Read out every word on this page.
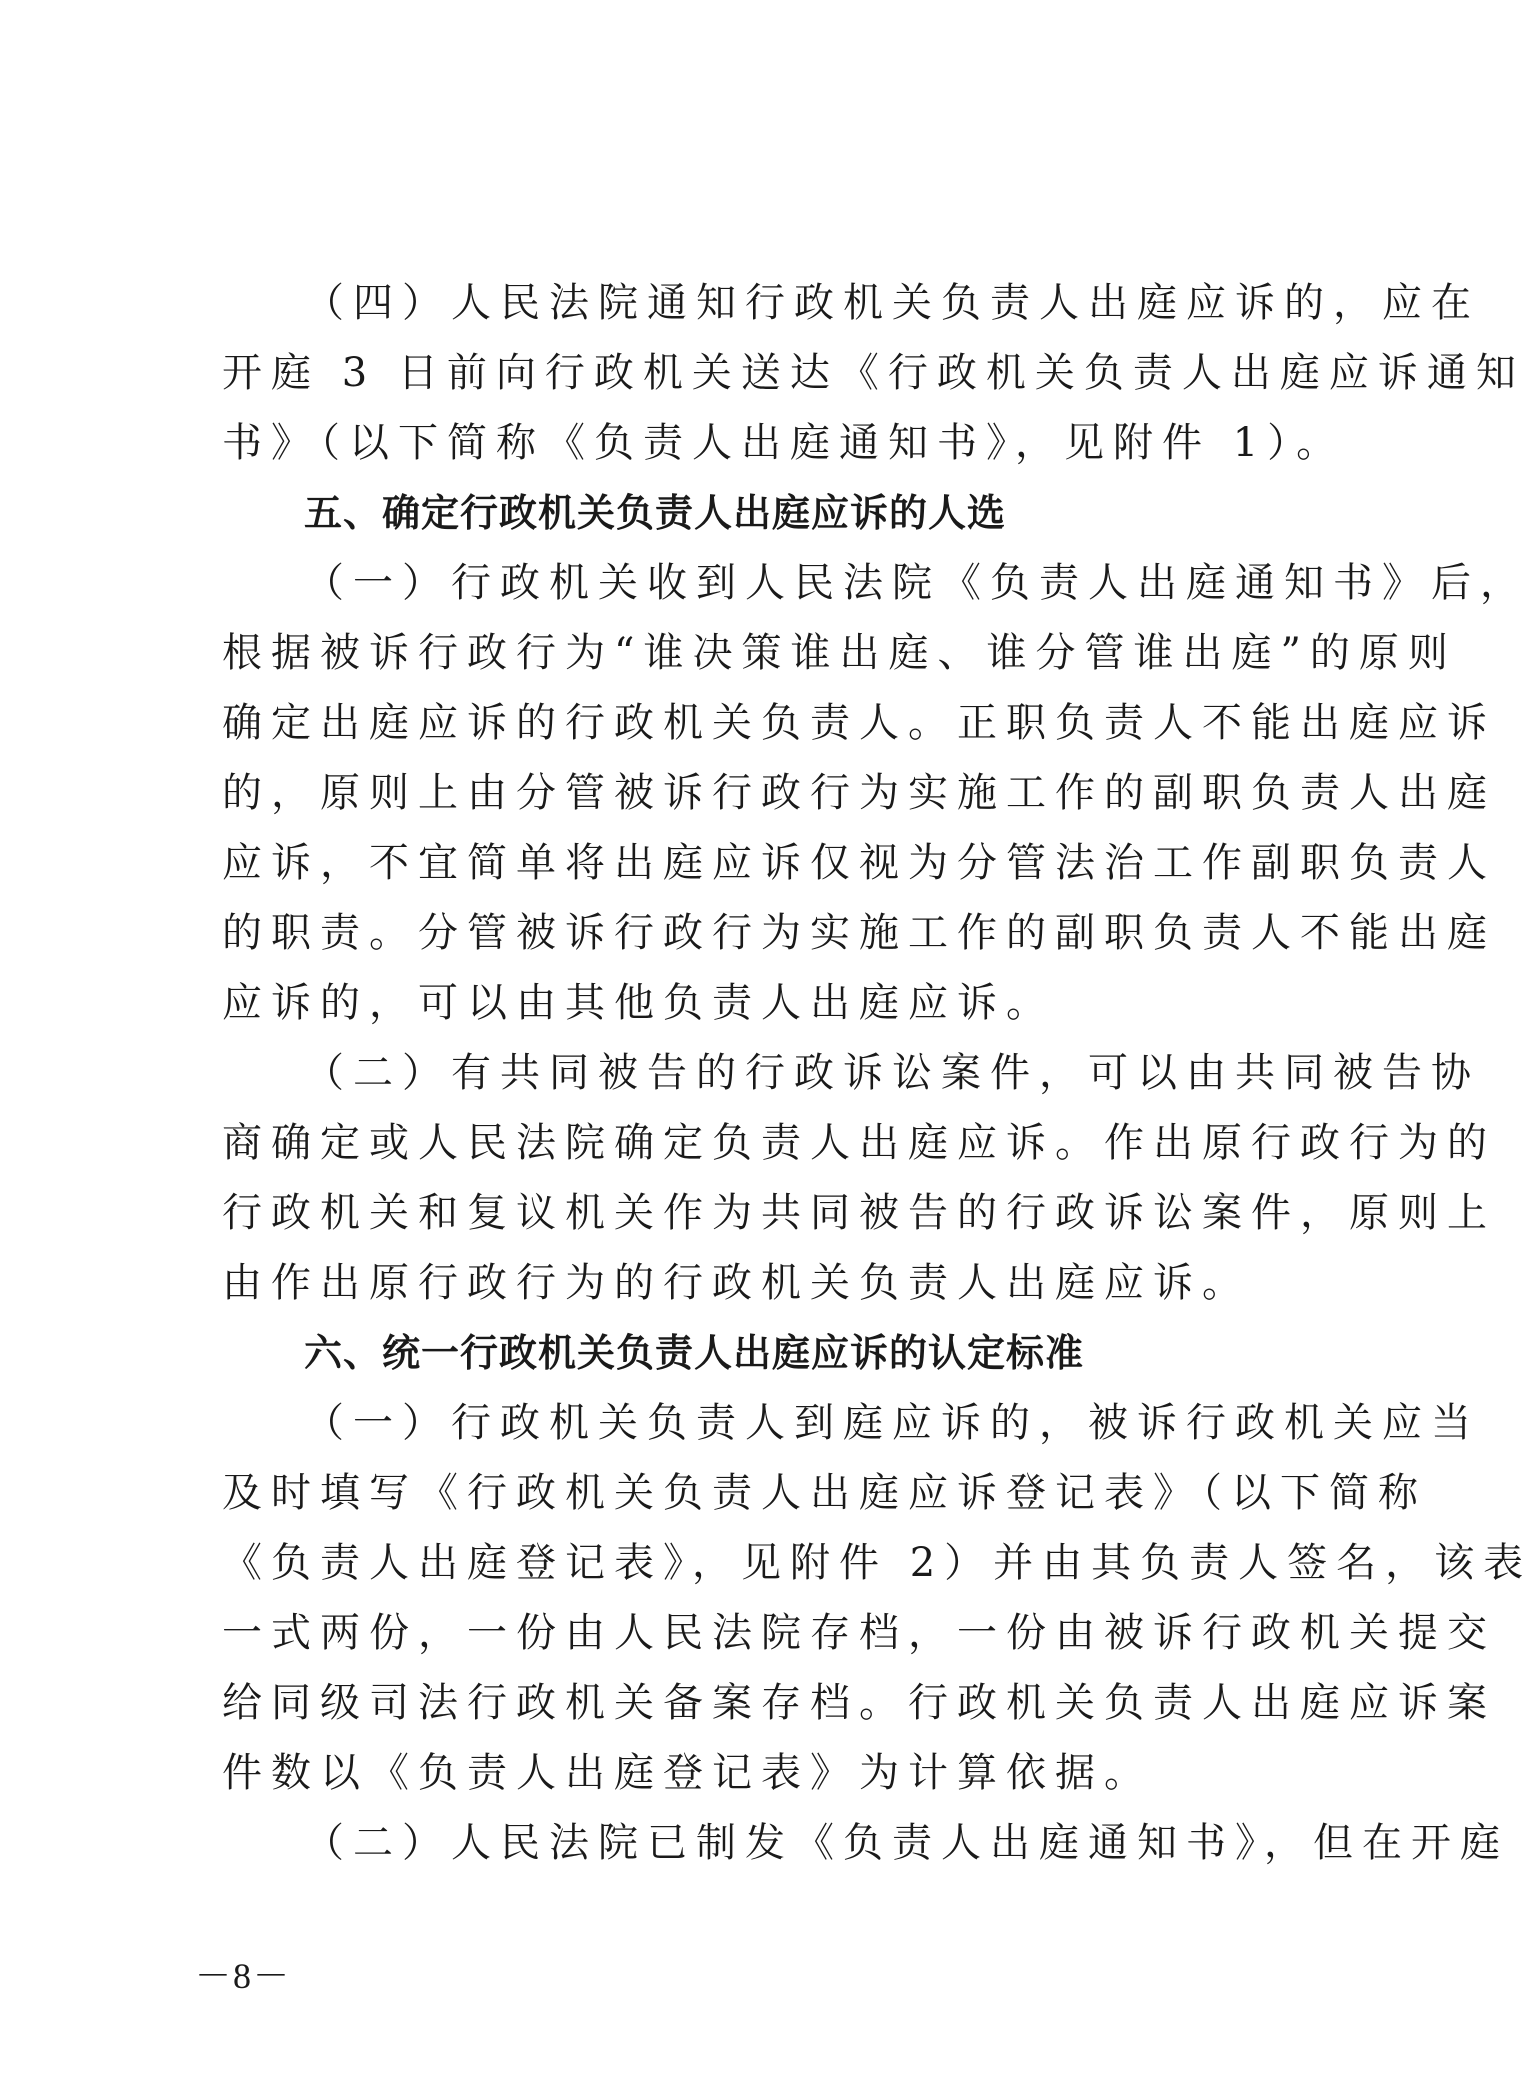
（四）人民法院通知行政机关负责人出庭应诉的，应在
开庭 3 日前向行政机关送达《行政机关负责人出庭应诉通知
书》（以下简称《负责人出庭通知书》，见附件 1）。
五、确定行政机关负责人出庭应诉的人选
（一）行政机关收到人民法院《负责人出庭通知书》后，
根据被诉行政行为“谁决策谁出庭、谁分管谁出庭”的原则
确定出庭应诉的行政机关负责人。正职负责人不能出庭应诉
的，原则上由分管被诉行政行为实施工作的副职负责人出庭
应诉，不宜简单将出庭应诉仅视为分管法治工作副职负责人
的职责。分管被诉行政行为实施工作的副职负责人不能出庭
应诉的，可以由其他负责人出庭应诉。
（二）有共同被告的行政诉讼案件，可以由共同被告协
商确定或人民法院确定负责人出庭应诉。作出原行政行为的
行政机关和复议机关作为共同被告的行政诉讼案件，原则上
由作出原行政行为的行政机关负责人出庭应诉。
六、统一行政机关负责人出庭应诉的认定标准
（一）行政机关负责人到庭应诉的，被诉行政机关应当
及时填写《行政机关负责人出庭应诉登记表》（以下简称
《负责人出庭登记表》，见附件 2）并由其负责人签名，该表
一式两份，一份由人民法院存档，一份由被诉行政机关提交
给同级司法行政机关备案存档。行政机关负责人出庭应诉案
件数以《负责人出庭登记表》为计算依据。
（二）人民法院已制发《负责人出庭通知书》，但在开庭
－8－
